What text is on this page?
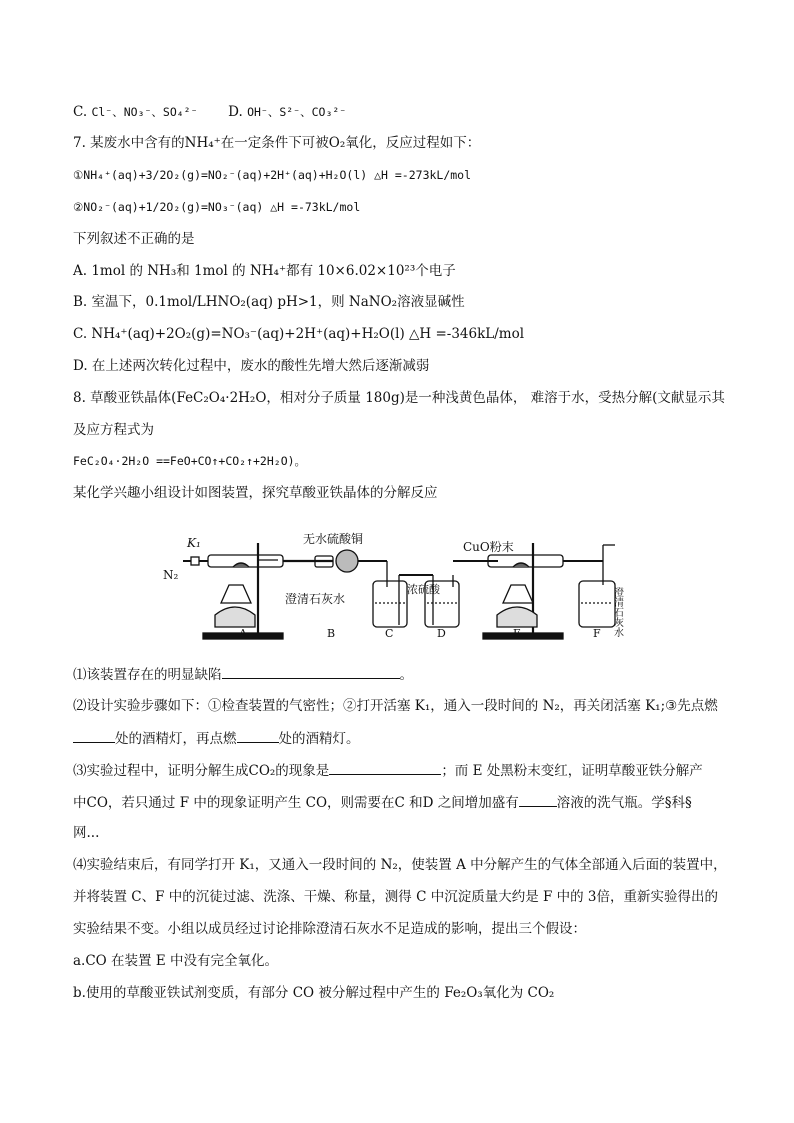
C. Cl⁻、NO₃⁻、SO₄²⁻ D. OH⁻、S²⁻、CO₃²⁻
7. 某废水中含有的NH₄⁺在一定条件下可被O₂氧化，反应过程如下：
①NH₄⁺(aq)+3/2O₂(g)=NO₂⁻(aq)+2H⁺(aq)+H₂O(l) △H =-273kL/mol
②NO₂⁻(aq)+1/2O₂(g)=NO₃⁻(aq) △H =-73kL/mol
下列叙述不正确的是
A. 1mol 的 NH₃和 1mol 的 NH₄⁺都有 10×6.02×10²³个电子
B. 室温下，0.1mol/LHNO₂(aq) pH>1，则 NaNO₂溶液显碱性
C. NH₄⁺(aq)+2O₂(g)=NO₃⁻(aq)+2H⁺(aq)+H₂O(l) △H =-346kL/mol
D. 在上述两次转化过程中，废水的酸性先增大然后逐渐减弱
8. 草酸亚铁晶体(FeC₂O₄·2H₂O，相对分子质量 180g)是一种浅黄色晶体， 难溶于水，受热分解(文献显示其
及应方程式为
FeC₂O₄·2H₂O ==FeO+CO↑+CO₂↑+2H₂O)。
某化学兴趣小组设计如图装置，探究草酸亚铁晶体的分解反应
K₁
N₂
无水硫酸铜
澄清石灰水
浓硫酸
CuO粉末
澄清石灰水
A	B	C	D	E	F
⑴该装置存在的明显缺陷	。
⑵设计实验步骤如下：①检查装置的气密性；②打开活塞 K₁，通入一段时间的 N₂，再关闭活塞 K₁;③先点燃
处的酒精灯，再点燃	处的酒精灯。
⑶实验过程中，证明分解生成CO₂的现象是	；而 E 处黑粉末变红，证明草酸亚铁分解产
中CO，若只通过 F 中的现象证明产生 CO，则需要在C 和D 之间增加盛有	溶液的洗气瓶。学§科§
网...
⑷实验结束后，有同学打开 K₁，又通入一段时间的 N₂，使装置 A 中分解产生的气体全部通入后面的装置中，
并将装置 C、F 中的沉徒过滤、洗涤、干燥、称量，测得 C 中沉淀质量大约是 F 中的 3倍，重新实验得出的
实验结果不变。小组以成员经过讨论排除澄清石灰水不足造成的影响，提出三个假设：
a.CO 在装置 E 中没有完全氧化。
b.使用的草酸亚铁试剂变质，有部分 CO 被分解过程中产生的 Fe₂O₃氧化为 CO₂
